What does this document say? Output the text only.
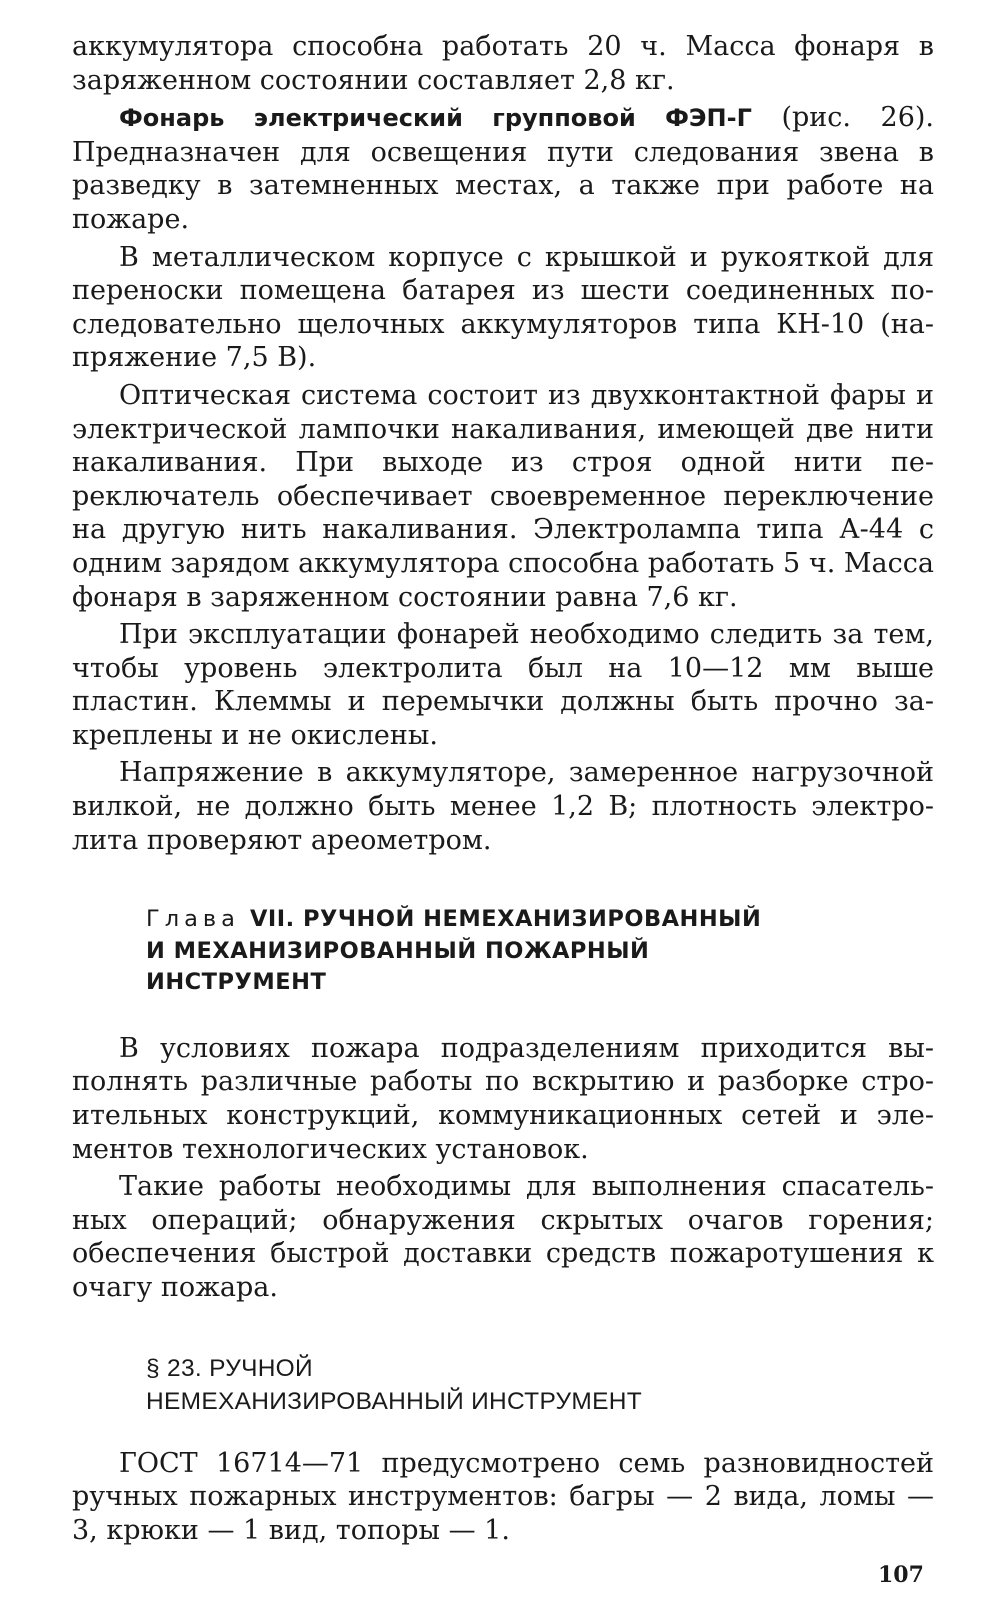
аккумулятора способна работать 20 ч. Масса фонаря в заряженном состоянии составляет 2,8 кг.

Фонарь электрический групповой ФЭП-Г (рис. 26). Предназначен для освещения пути следования звена в разведку в затемненных местах, а также при работе на пожаре.

В металлическом корпусе с крышкой и рукояткой для переноски помещена батарея из шести соединенных последовательно щелочных аккумуляторов типа КН-10 (напряжение 7,5 В).

Оптическая система состоит из двухконтактной фары и электрической лампочки накаливания, имеющей две нити накаливания. При выходе из строя одной нити переключатель обеспечивает своевременное переключение на другую нить накаливания. Электролампа типа А-44 с одним зарядом аккумулятора способна работать 5 ч. Масса фонаря в заряженном состоянии равна 7,6 кг.

При эксплуатации фонарей необходимо следить за тем, чтобы уровень электролита был на 10—12 мм выше пластин. Клеммы и перемычки должны быть прочно закреплены и не окислены.

Напряжение в аккумуляторе, замеренное нагрузочной вилкой, не должно быть менее 1,2 В; плотность электролита проверяют ареометром.

Глава VII. РУЧНОЙ НЕМЕХАНИЗИРОВАННЫЙ
И МЕХАНИЗИРОВАННЫЙ ПОЖАРНЫЙ
ИНСТРУМЕНТ

В условиях пожара подразделениям приходится выполнять различные работы по вскрытию и разборке строительных конструкций, коммуникационных сетей и элементов технологических установок.

Такие работы необходимы для выполнения спасательных операций; обнаружения скрытых очагов горения; обеспечения быстрой доставки средств пожаротушения к очагу пожара.

§ 23. РУЧНОЙ
НЕМЕХАНИЗИРОВАННЫЙ ИНСТРУМЕНТ

ГОСТ 16714—71 предусмотрено семь разновидностей ручных пожарных инструментов: багры — 2 вида, ломы — 3, крюки — 1 вид, топоры — 1.

107
